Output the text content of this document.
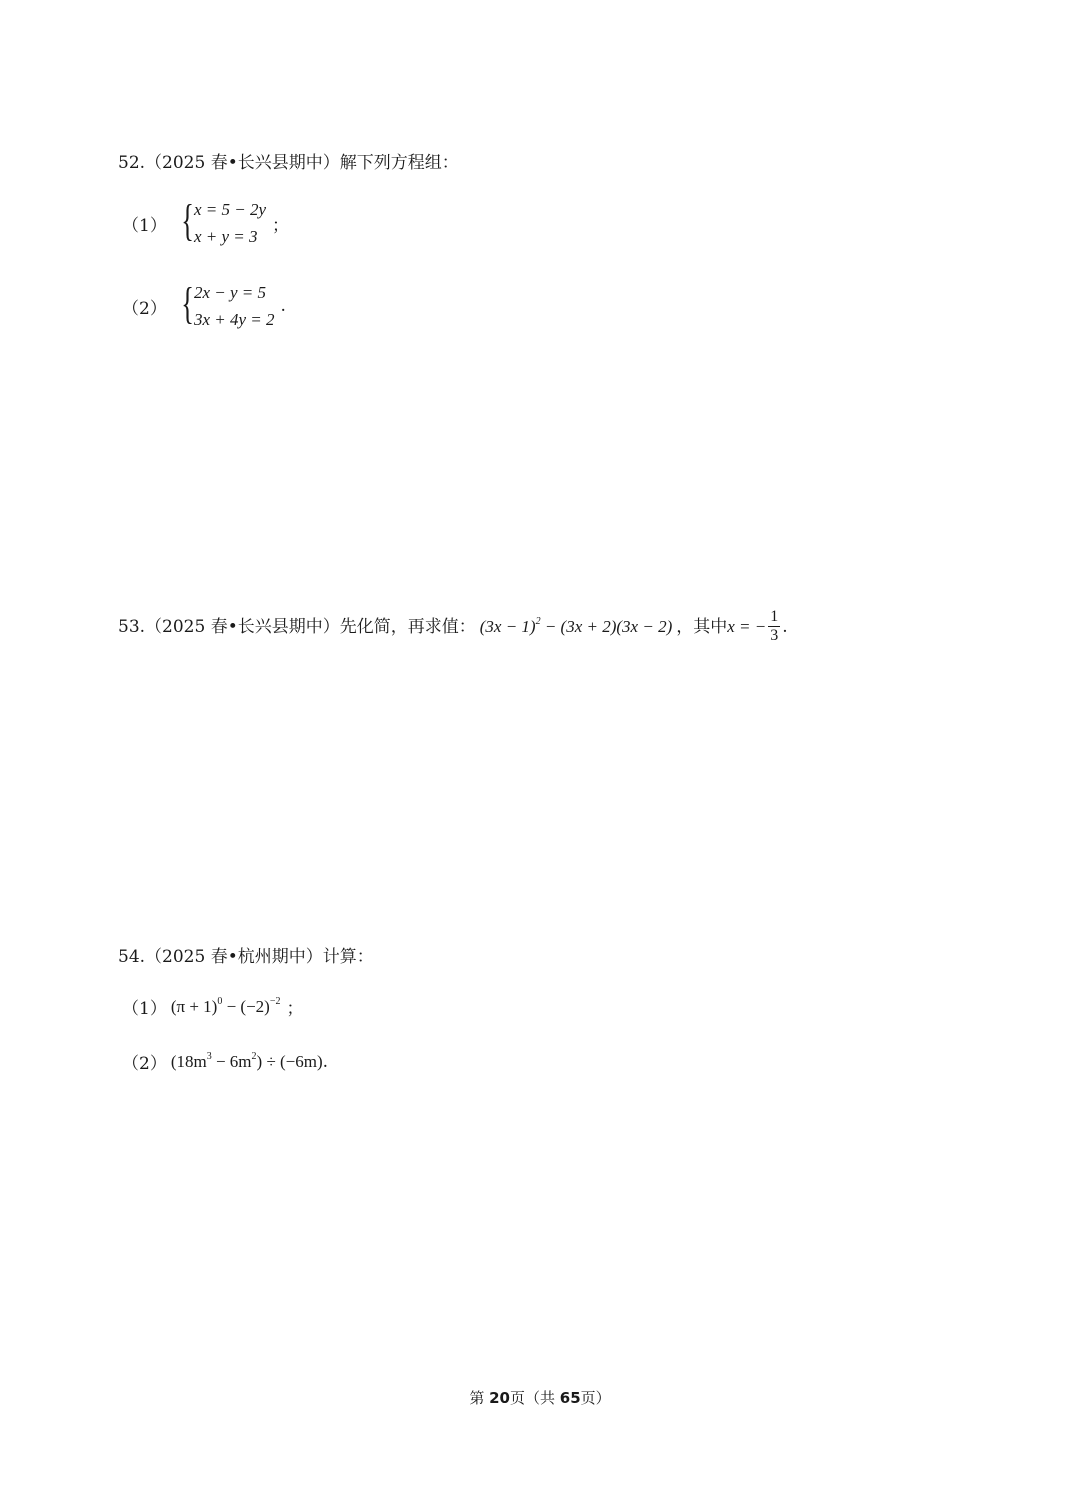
52.（2025 春•长兴县期中）解下列方程组：
（1） { x = 5 − 2y
x + y = 3
；
（2） { 2x − y = 5
3x + 4y = 2
.
53.（2025 春•长兴县期中）先化简，再求值： $(3x - 1)^2 - (3x + 2)(3x - 2)$ ，其中 x = − $\frac{1}{3}$ .
54.（2025 春•杭州期中）计算：
（1） $(\pi + 1)^0 - (-2)^{-2}$ ；
（2） $(18m^3 - 6m^2) \div (-6m)$ .
第 20页（共 65页）
